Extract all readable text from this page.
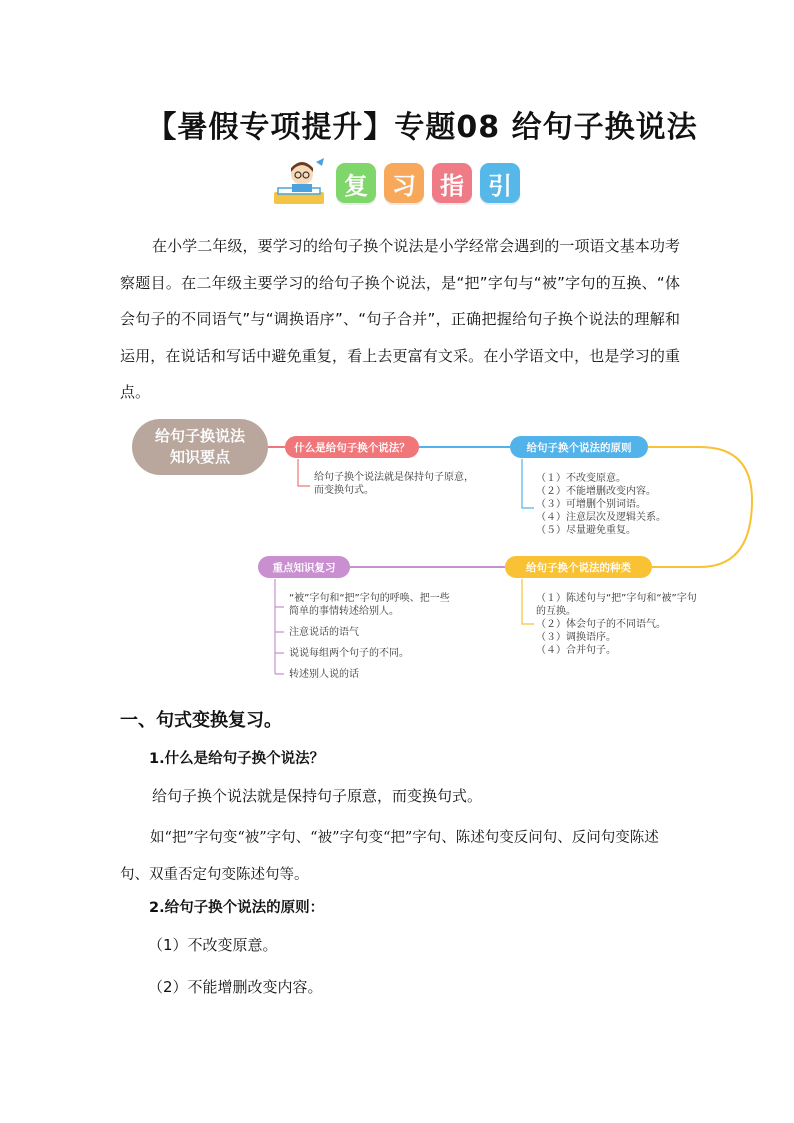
【暑假专项提升】专题08 给句子换说法
复	习	指	引
在小学二年级，要学习的给句子换个说法是小学经常会遇到的一项语文基本功考察题目。在二年级主要学习的给句子换个说法，是“把”字句与“被”字句的互换、“体会句子的不同语气”与“调换语序”、“句子合并”，正确把握给句子换个说法的理解和运用，在说话和写话中避免重复，看上去更富有文采。在小学语文中，也是学习的重点。
给句子换说法
知识要点
什么是给句子换个说法？
给句子换个说法就是保持句子原意，
而变换句式。
给句子换个说法的原则
（１）不改变原意。
（２）不能增删改变内容。
（３）可增删个别词语。
（４）注意层次及逻辑关系。
（５）尽量避免重复。
给句子换个说法的种类
（１）陈述句与“把”字句和“被”字句
的互换。
（２）体会句子的不同语气。
（３）调换语序。
（４）合并句子。
重点知识复习
“被”字句和“把”字句的呼唤、把一些
简单的事情转述给别人。
注意说话的语气
说说每组两个句子的不同。
转述别人说的话
一、句式变换复习。
1.什么是给句子换个说法？
给句子换个说法就是保持句子原意，而变换句式。
如“把”字句变“被”字句、“被”字句变“把”字句、陈述句变反问句、反问句变陈述句、双重否定句变陈述句等。
2.给句子换个说法的原则：
（1）不改变原意。
（2）不能增删改变内容。
